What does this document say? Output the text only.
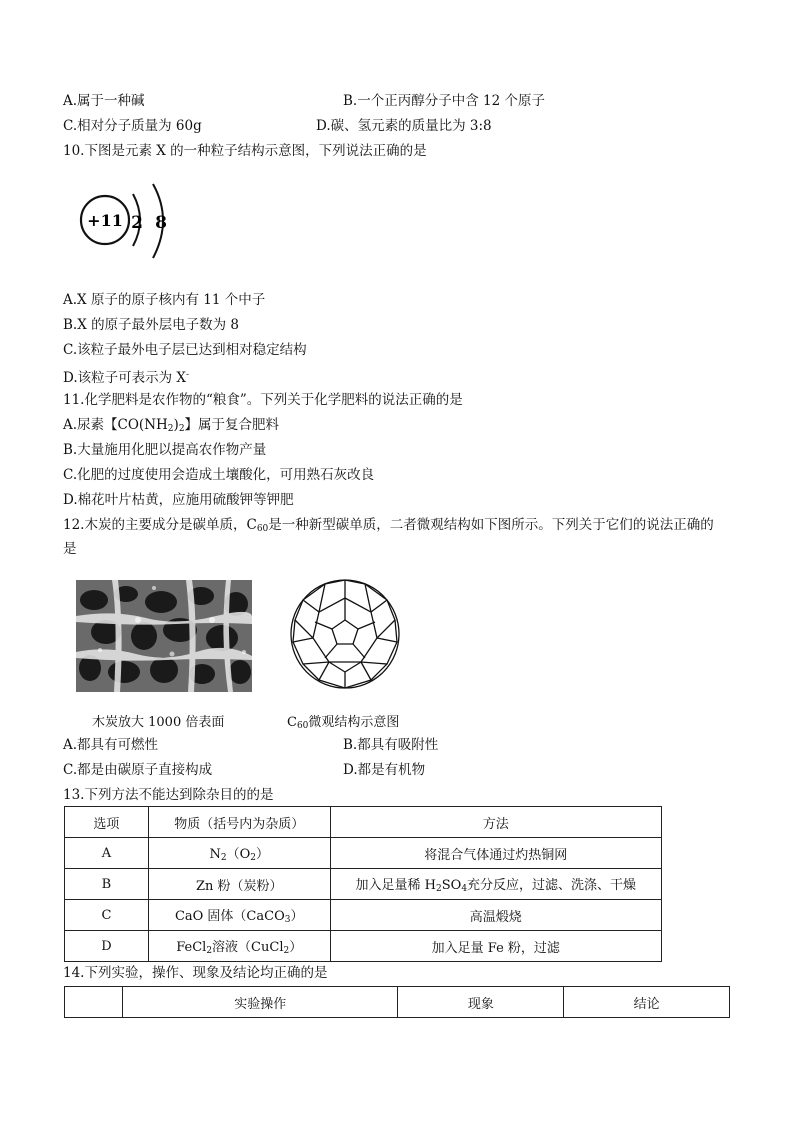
A.属于一种碱	B.一个正丙醇分子中含 12 个原子
C.相对分子质量为 60g	D.碳、氢元素的质量比为 3:8
10.下图是元素 X 的一种粒子结构示意图，下列说法正确的是
+11 2 8
A.X 原子的原子核内有 11 个中子
B.X 的原子最外层电子数为 8
C.该粒子最外电子层已达到相对稳定结构
D.该粒子可表示为 X-
11.化学肥料是农作物的“粮食”。下列关于化学肥料的说法正确的是
A.尿素【$CO(NH_2)_2$】属于复合肥料
B.大量施用化肥以提高农作物产量
C.化肥的过度使用会造成土壤酸化，可用熟石灰改良
D.棉花叶片枯黄，应施用硫酸钾等钾肥
12.木炭的主要成分是碳单质，$C_{60}$是一种新型碳单质，二者微观结构如下图所示。下列关于它们的说法正确的
是
木炭放大 1000 倍表面	$C_{60}$微观结构示意图
A.都具有可燃性	B.都具有吸附性
C.都是由碳原子直接构成	D.都是有机物
13.下列方法不能达到除杂目的的是
选项	物质（括号内为杂质）	方法
A	$N_2(O_2)$	将混合气体通过灼热铜网
B	Zn 粉（炭粉）	加入足量稀 $H_2SO_4$充分反应，过滤、洗涤、干燥
C	CaO 固体（CaCO$_3$）	高温煅烧
D	FeCl$_2$溶液（CuCl$_2$）	加入足量 Fe 粉，过滤
14.下列实验，操作、现象及结论均正确的是
	实验操作	现象	结论
